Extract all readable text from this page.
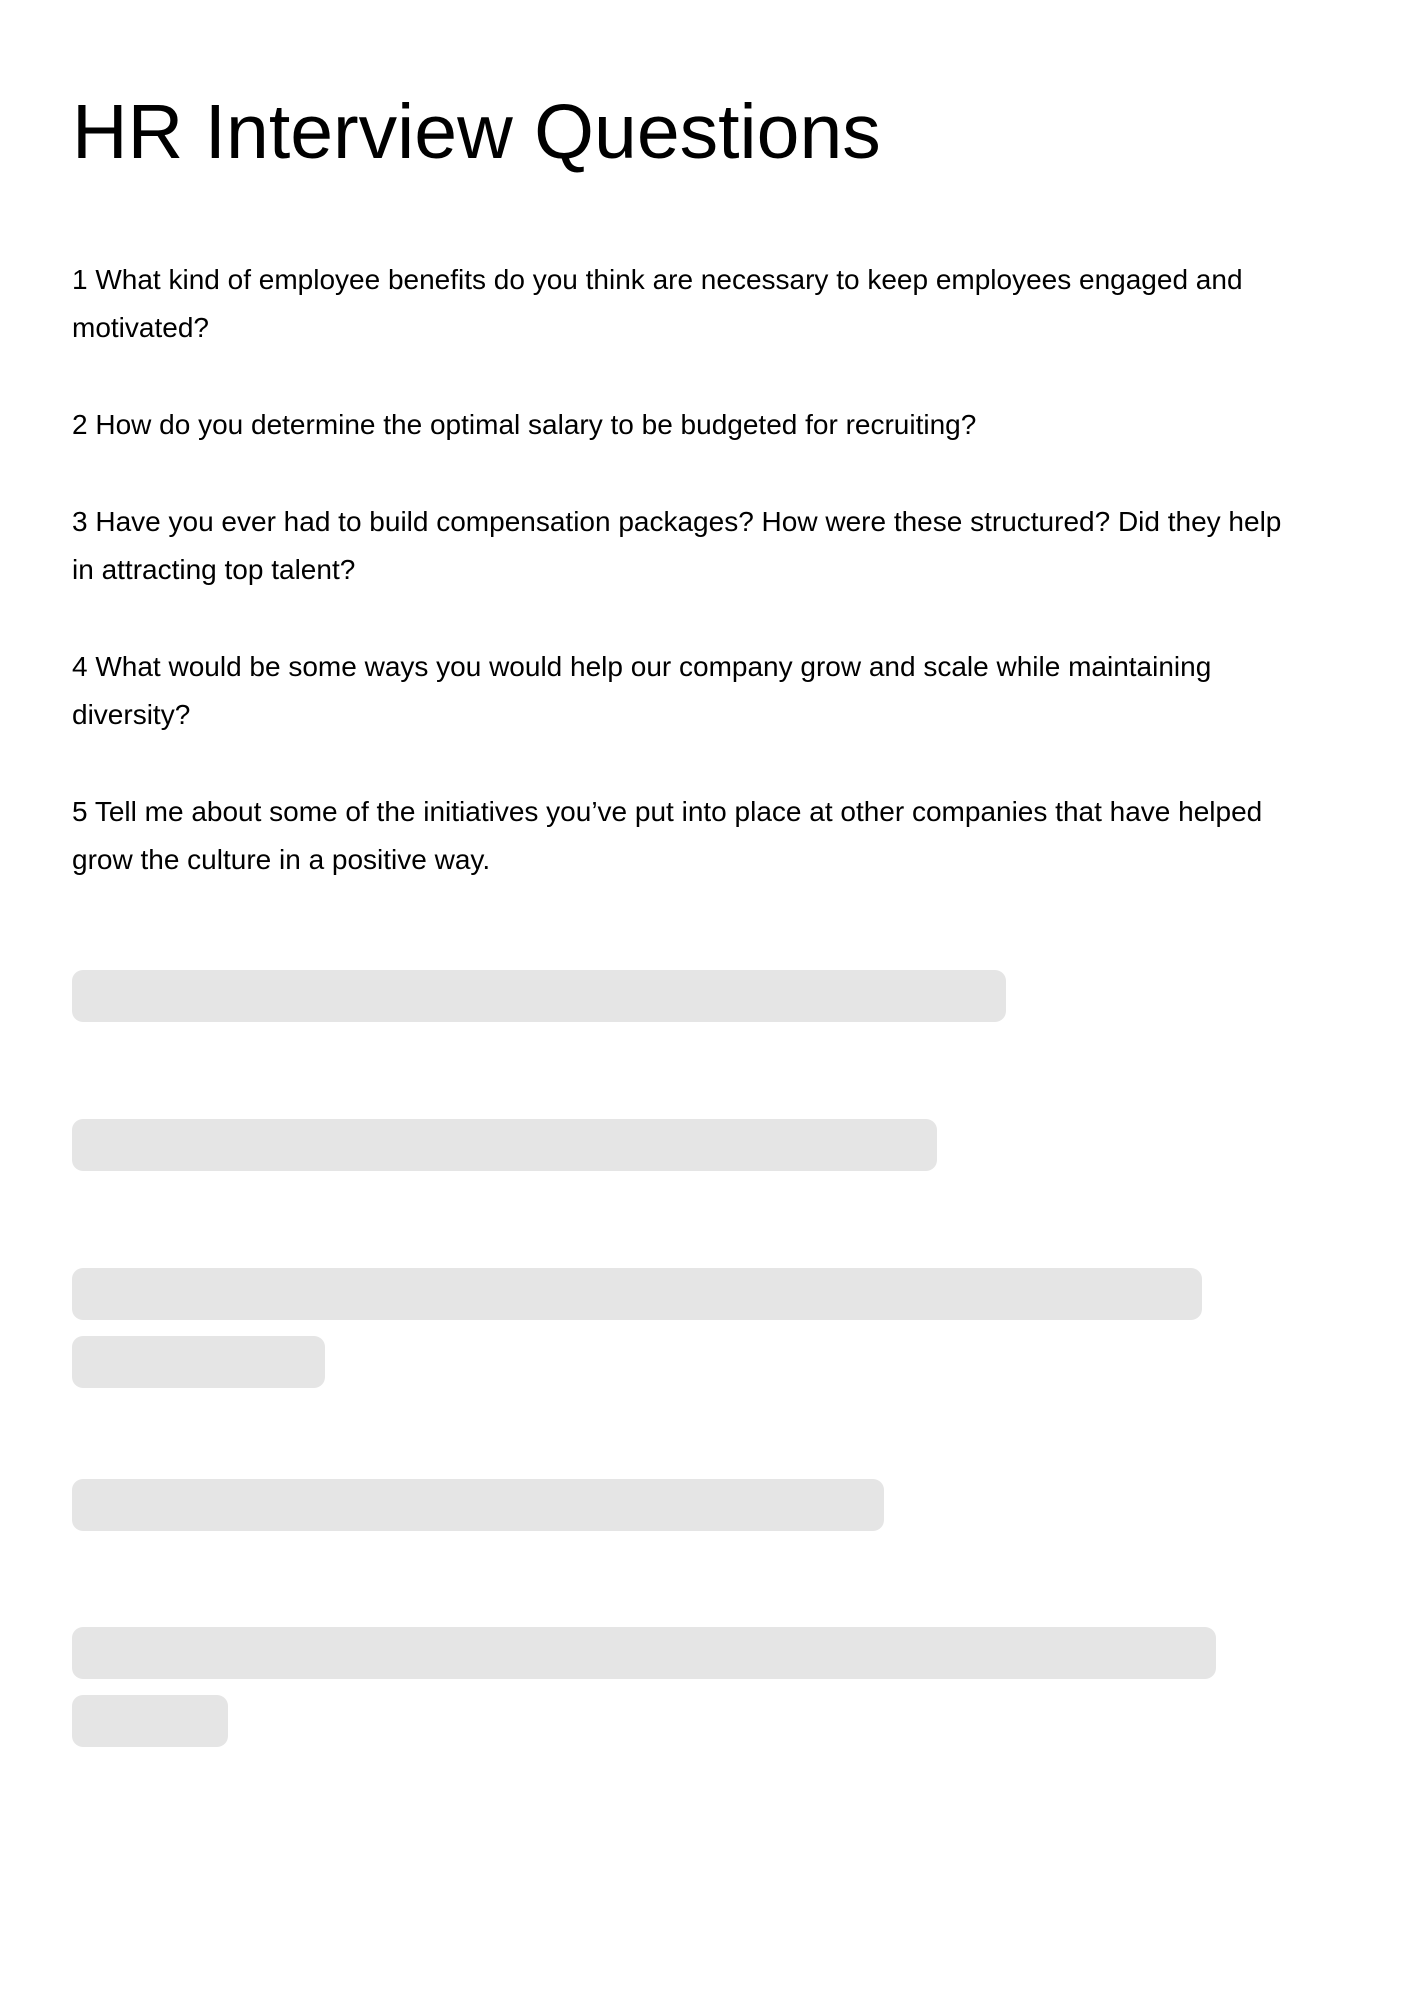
HR Interview Questions
1 What kind of employee benefits do you think are necessary to keep employees engaged and motivated?
2 How do you determine the optimal salary to be budgeted for recruiting?
3 Have you ever had to build compensation packages? How were these structured? Did they help in attracting top talent?
4 What would be some ways you would help our company grow and scale while maintaining diversity?
5 Tell me about some of the initiatives you’ve put into place at other companies that have helped grow the culture in a positive way.
